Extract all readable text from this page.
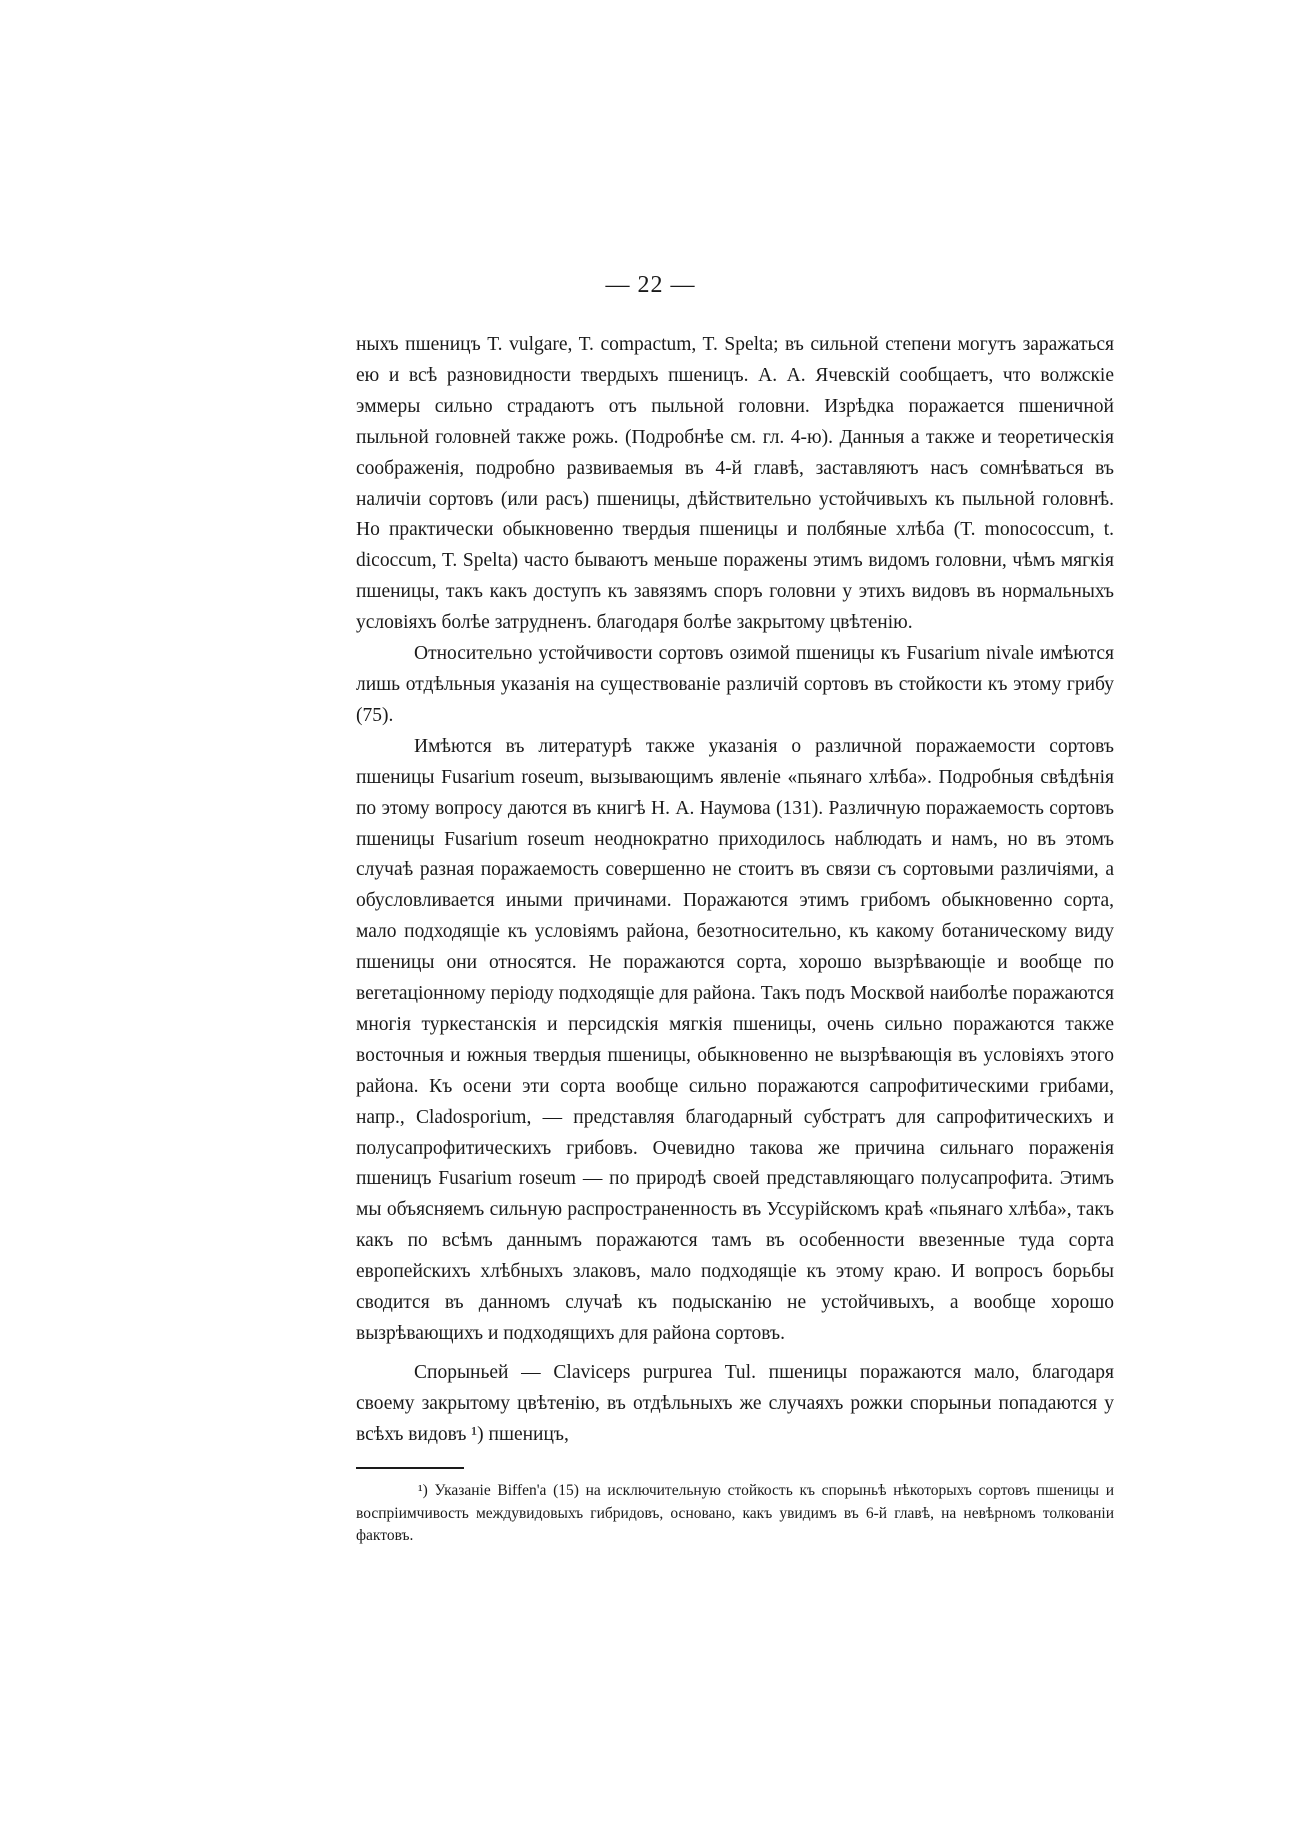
— 22 —

ныхъ пшеницъ T. vulgare, T. compactum, T. Spelta; въ сильной степени могутъ заражаться ею и всѣ разновидности твердыхъ пшеницъ. А. А. Ячевскій сообщаетъ, что волжскіе эммеры сильно страдаютъ отъ пыльной головни. Изрѣдка поражается пшеничной пыльной головней также рожь. (Подробнѣе см. гл. 4-ю). Данныя а также и теоретическія соображенія, подробно развиваемыя въ 4-й главѣ, заставляютъ насъ сомнѣваться въ наличіи сортовъ (или расъ) пшеницы, дѣйствительно устойчивыхъ къ пыльной головнѣ. Но практически обыкновенно твердыя пшеницы и полбяные хлѣба (T. monococcum, t. dicoccum, T. Spelta) часто бываютъ меньше поражены этимъ видомъ головни, чѣмъ мягкія пшеницы, такъ какъ доступъ къ завязямъ споръ головни у этихъ видовъ въ нормальныхъ условіяхъ болѣе затрудненъ. благодаря болѣе закрытому цвѣтенію.

Относительно устойчивости сортовъ озимой пшеницы къ Fusarium nivale имѣются лишь отдѣльныя указанія на существованіе различій сортовъ въ стойкости къ этому грибу (75).

Имѣются въ литературѣ также указанія о различной поражаемости сортовъ пшеницы Fusarium roseum, вызывающимъ явленіе «пьянаго хлѣба». Подробныя свѣдѣнія по этому вопросу даются въ книгѣ Н. А. Наумова (131). Различную поражаемость сортовъ пшеницы Fusarium roseum неоднократно приходилось наблюдать и намъ, но въ этомъ случаѣ разная поражаемость совершенно не стоитъ въ связи съ сортовыми различіями, а обусловливается иными причинами. Поражаются этимъ грибомъ обыкновенно сорта, мало подходящіе къ условіямъ района, безотносительно, къ какому ботаническому виду пшеницы они относятся. Не поражаются сорта, хорошо вызрѣвающіе и вообще по вегетаціонному періоду подходящіе для района. Такъ подъ Москвой наиболѣе поражаются многія туркестанскія и персидскія мягкія пшеницы, очень сильно поражаются также восточныя и южныя твердыя пшеницы, обыкновенно не вызрѣвающія въ условіяхъ этого района. Къ осени эти сорта вообще сильно поражаются сапрофитическими грибами, напр., Cladosporium, — представляя благодарный субстратъ для сапрофитическихъ и полусапрофитическихъ грибовъ. Очевидно такова же причина сильнаго пораженія пшеницъ Fusarium roseum — по природѣ своей представляющаго полусапрофита. Этимъ мы объясняемъ сильную распространенность въ Уссурійскомъ краѣ «пьянаго хлѣба», такъ какъ по всѣмъ даннымъ поражаются тамъ въ особенности ввезенные туда сорта европейскихъ хлѣбныхъ злаковъ, мало подходящіе къ этому краю. И вопросъ борьбы сводится въ данномъ случаѣ къ подысканію не устойчивыхъ, а вообще хорошо вызрѣвающихъ и подходящихъ для района сортовъ.

Спорыньей — Claviceps purpurea Tul. пшеницы поражаются мало, благодаря своему закрытому цвѣтенію, въ отдѣльныхъ же случаяхъ рожки спорыньи попадаются у всѣхъ видовъ ¹) пшеницъ,

¹) Указаніе Biffen'a (15) на исключительную стойкость къ спорыньѣ нѣкоторыхъ сортовъ пшеницы и воспріимчивость междувидовыхъ гибридовъ, основано, какъ увидимъ въ 6-й главѣ, на невѣрномъ толкованіи фактовъ.
